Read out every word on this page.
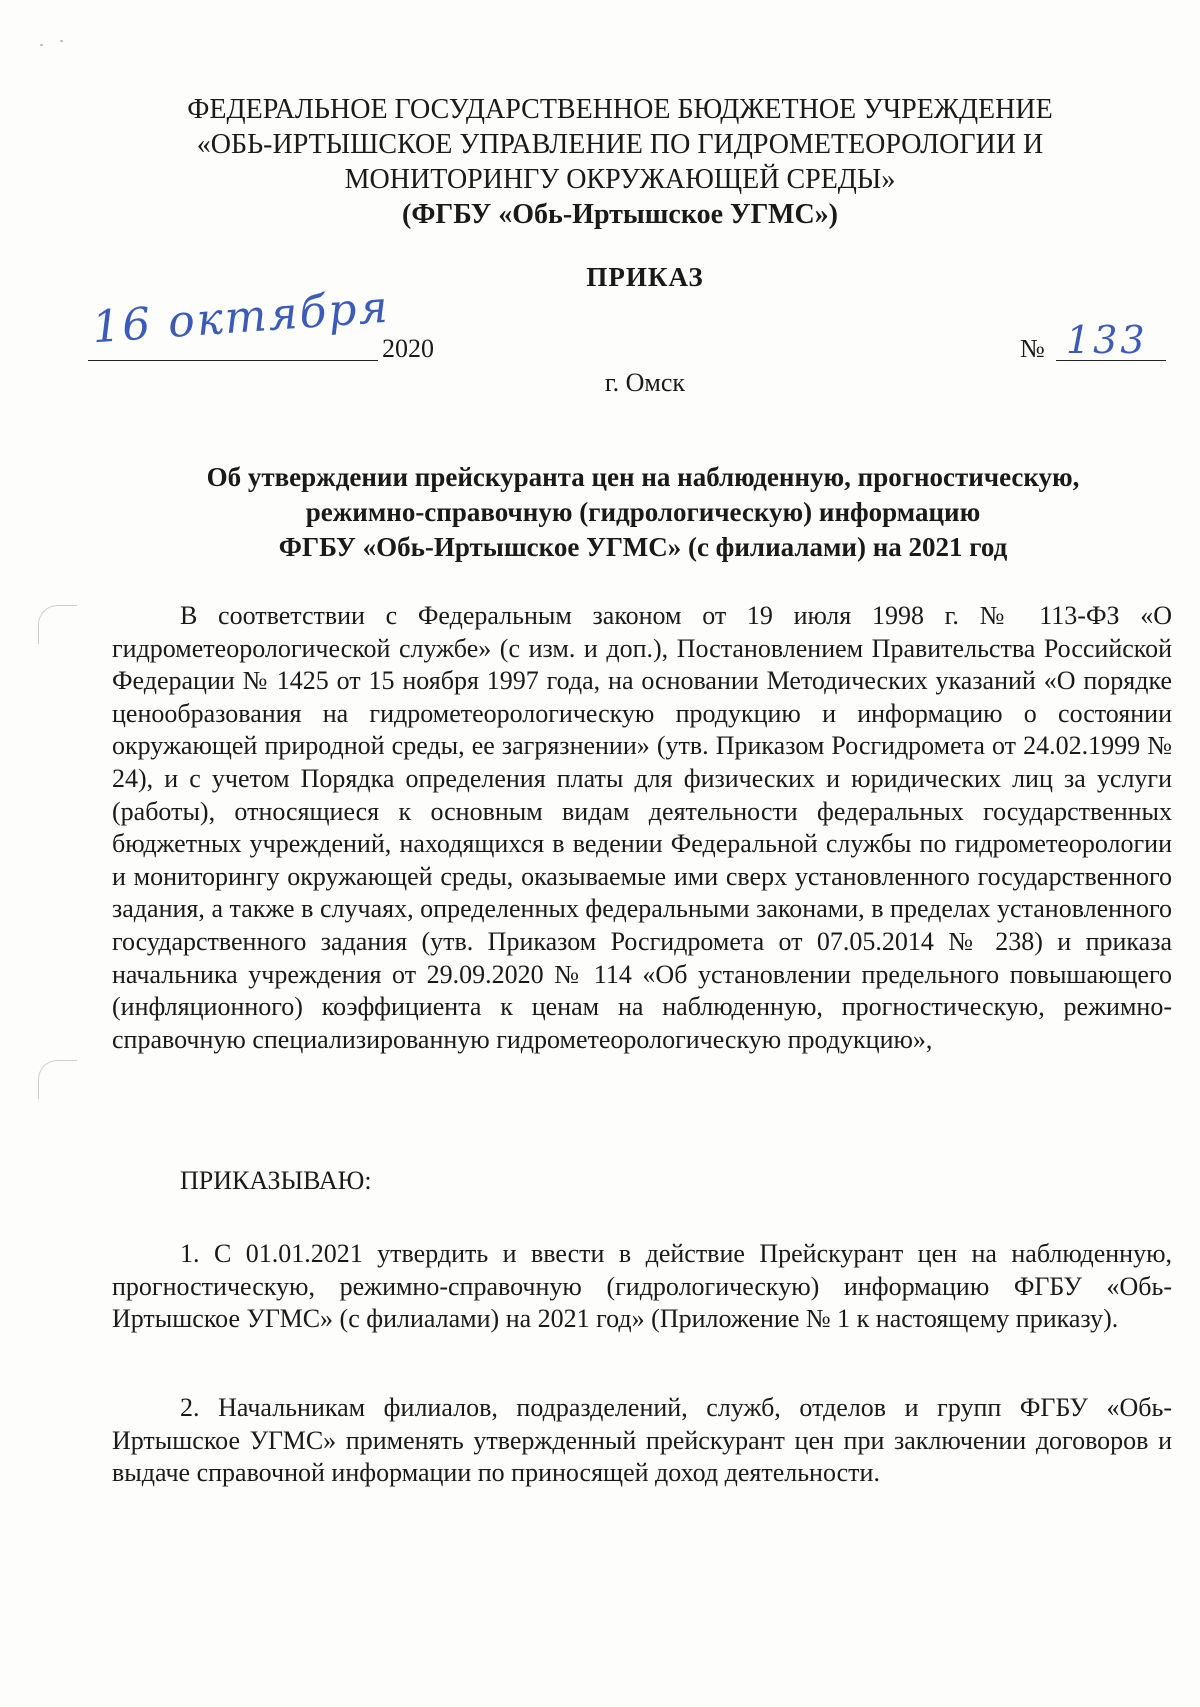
ФЕДЕРАЛЬНОЕ ГОСУДАРСТВЕННОЕ БЮДЖЕТНОЕ УЧРЕЖДЕНИЕ
«ОБЬ-ИРТЫШСКОЕ УПРАВЛЕНИЕ ПО ГИДРОМЕТЕОРОЛОГИИ И
МОНИТОРИНГУ ОКРУЖАЮЩЕЙ СРЕДЫ»
(ФГБУ «Обь-Иртышское УГМС»)
ПРИКАЗ
16 октября
2020	№ 133
г. Омск
Об утверждении прейскуранта цен на наблюденную, прогностическую,
режимно-справочную (гидрологическую) информацию
ФГБУ «Обь-Иртышское УГМС» (с филиалами) на 2021 год

В соответствии с Федеральным законом от 19 июля 1998 г. № 113-ФЗ «О гидрометеорологической службе» (с изм. и доп.), Постановлением Правительства Российской Федерации № 1425 от 15 ноября 1997 года, на основании Методических указаний «О порядке ценообразования на гидрометеорологическую продукцию и информацию о состоянии окружающей природной среды, ее загрязнении» (утв. Приказом Росгидромета от 24.02.1999 № 24), и с учетом Порядка определения платы для физических и юридических лиц за услуги (работы), относящиеся к основным видам деятельности федеральных государственных бюджетных учреждений, находящихся в ведении Федеральной службы по гидрометеорологии и мониторингу окружающей среды, оказываемые ими сверх установленного государственного задания, а также в случаях, определенных федеральными законами, в пределах установленного государственного задания (утв. Приказом Росгидромета от 07.05.2014 № 238) и приказа начальника учреждения от 29.09.2020 № 114 «Об установлении предельного повышающего (инфляционного) коэффициента к ценам на наблюденную, прогностическую, режимно-справочную специализированную гидрометеорологическую продукцию»,

ПРИКАЗЫВАЮ:

1. С 01.01.2021 утвердить и ввести в действие Прейскурант цен на наблюденную, прогностическую, режимно-справочную (гидрологическую) информацию ФГБУ «Обь-Иртышское УГМС» (с филиалами) на 2021 год» (Приложение № 1 к настоящему приказу).

2. Начальникам филиалов, подразделений, служб, отделов и групп ФГБУ «Обь-Иртышское УГМС» применять утвержденный прейскурант цен при заключении договоров и выдаче справочной информации по приносящей доход деятельности.
